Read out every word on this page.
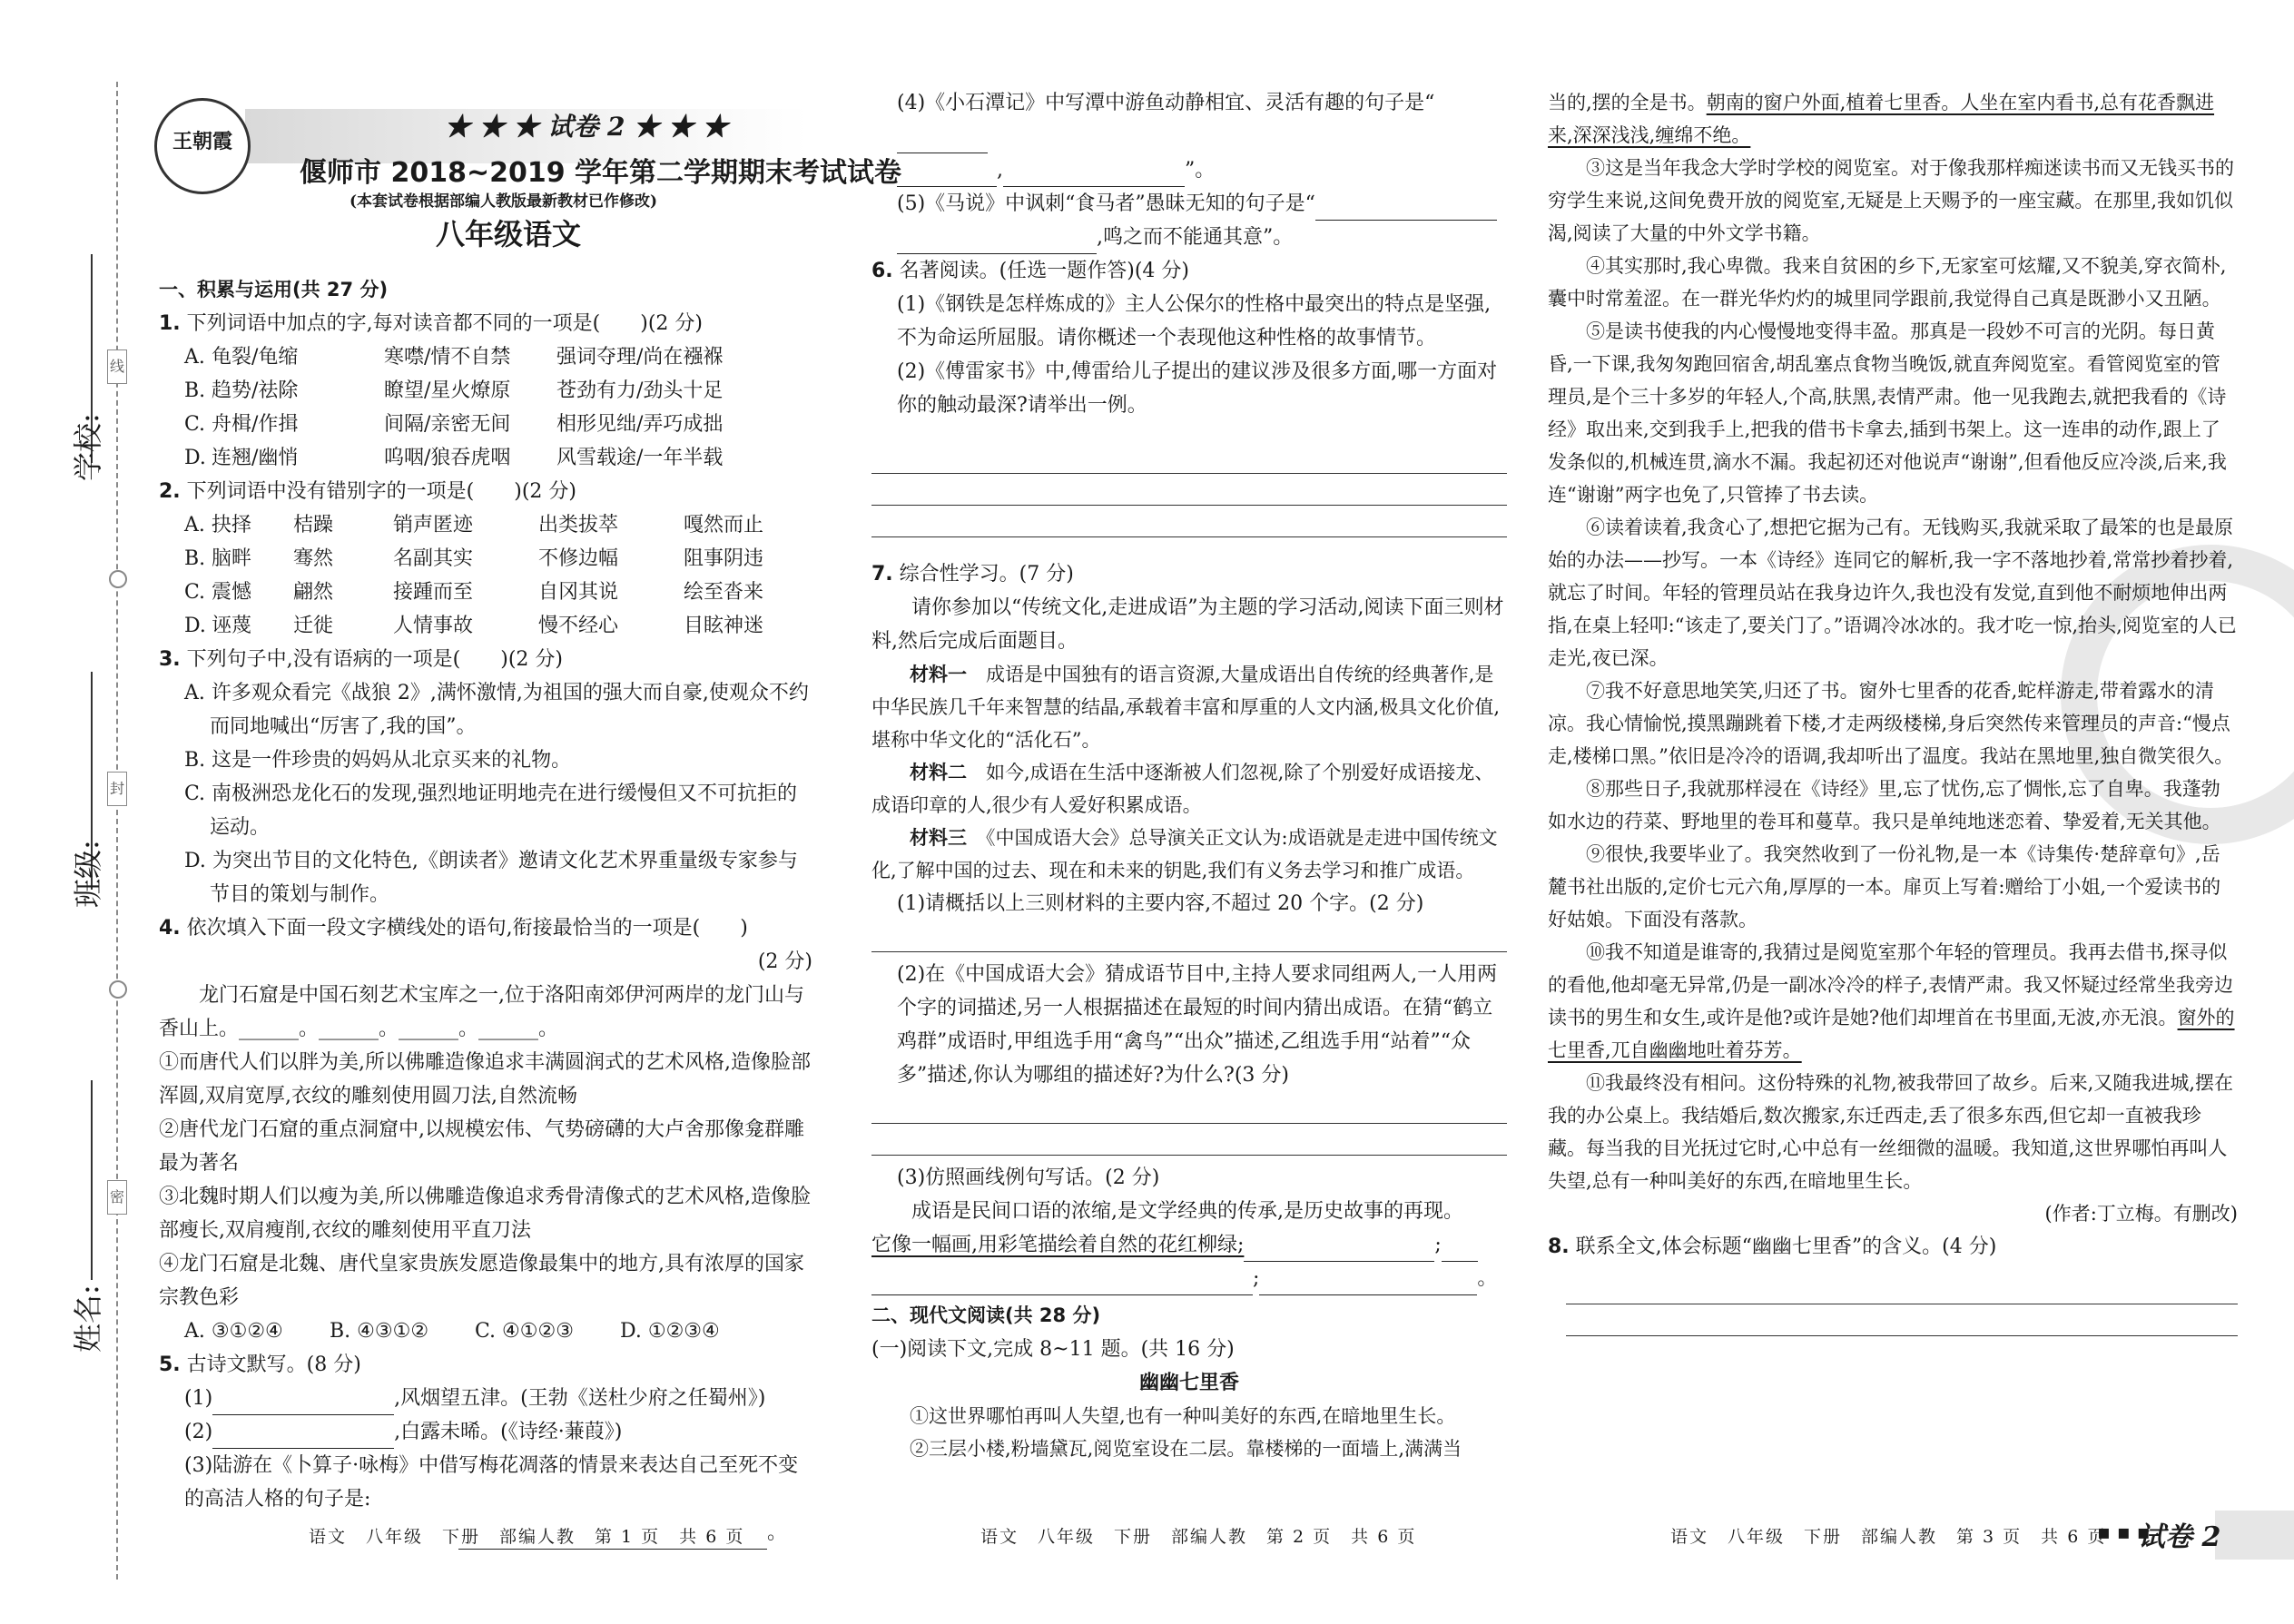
线
封
密
学校:
班级:
姓名:
王朝霞	★ ★ ★ 试卷 2 ★ ★ ★
偃师市 2018~2019 学年第二学期期末考试试卷
(本套试卷根据部编人教版最新教材已作修改)
八年级语文

一、积累与运用(共 27 分)

1. 下列词语中加点的字,每对读音都不同的一项是(　　)(2 分)

A. 龟裂/龟缩	寒噤/情不自禁	强词夺理/尚在襁褓
B. 趋势/祛除	瞭望/星火燎原	苍劲有力/劲头十足
C. 舟楫/作揖	间隔/亲密无间	相形见绌/弄巧成拙
D. 连翘/幽悄	呜咽/狼吞虎咽	风雪载途/一年半载

2. 下列词语中没有错别字的一项是(　　)(2 分)

A. 抉择	桔躁	销声匿迹	出类拔萃	嘎然而止
B. 脑畔	骞然	名副其实	不修边幅	阻事阴违
C. 震憾	翩然	接踵而至	自冈其说	绘至沓来
D. 诬蔑	迁徙	人情事故	慢不经心	目眩神迷

3. 下列句子中,没有语病的一项是(　　)(2 分)

A. 许多观众看完《战狼 2》,满怀激情,为祖国的强大而自豪,使观众不约而同地喊出“厉害了,我的国”。

B. 这是一件珍贵的妈妈从北京买来的礼物。

C. 南极洲恐龙化石的发现,强烈地证明地壳在进行缓慢但又不可抗拒的运动。

D. 为突出节目的文化特色,《朗读者》邀请文化艺术界重量级专家参与节目的策划与制作。

4. 依次填入下面一段文字横线处的语句,衔接最恰当的一项是(　　)

(2 分)

龙门石窟是中国石刻艺术宝库之一,位于洛阳南郊伊河两岸的龙门山与香山上。______。______。______。______。

①而唐代人们以胖为美,所以佛雕造像追求丰满圆润式的艺术风格,造像脸部浑圆,双肩宽厚,衣纹的雕刻使用圆刀法,自然流畅

②唐代龙门石窟的重点洞窟中,以规模宏伟、气势磅礴的大卢舍那像龛群雕最为著名

③北魏时期人们以瘦为美,所以佛雕造像追求秀骨清像式的艺术风格,造像脸部瘦长,双肩瘦削,衣纹的雕刻使用平直刀法

④龙门石窟是北魏、唐代皇家贵族发愿造像最集中的地方,具有浓厚的国家宗教色彩

A. ③①②④	B. ④③①②	C. ④①②③	D. ①②③④

5. 古诗文默写。(8 分)

(1)	,风烟望五津。(王勃《送杜少府之任蜀州》)

(2)	,白露未晞。(《诗经·蒹葭》)

(3)陆游在《卜算子·咏梅》中借写梅花凋落的情景来表达自己至死不变的高洁人格的句子是:

。

语文　八年级　下册　部编人教　第 1 页　共 6 页

(4)《小石潭记》中写潭中游鱼动静相宜、灵活有趣的句子是“

,	”。

(5)《马说》中讽刺“食马者”愚昧无知的句子是“

,鸣之而不能通其意”。

6. 名著阅读。(任选一题作答)(4 分)

(1)《钢铁是怎样炼成的》主人公保尔的性格中最突出的特点是坚强,不为命运所屈服。请你概述一个表现他这种性格的故事情节。

(2)《傅雷家书》中,傅雷给儿子提出的建议涉及很多方面,哪一方面对你的触动最深?请举出一例。

7. 综合性学习。(7 分)

请你参加以“传统文化,走进成语”为主题的学习活动,阅读下面三则材料,然后完成后面题目。

材料一　 成语是中国独有的语言资源,大量成语出自传统的经典著作,是中华民族几千年来智慧的结晶,承载着丰富和厚重的人文内涵,极具文化价值,堪称中华文化的“活化石”。

材料二　 如今,成语在生活中逐渐被人们忽视,除了个别爱好成语接龙、成语印章的人,很少有人爱好积累成语。

材料三　 《中国成语大会》总导演关正文认为:成语就是走进中国传统文化,了解中国的过去、现在和未来的钥匙,我们有义务去学习和推广成语。

(1)请概括以上三则材料的主要内容,不超过 20 个字。(2 分)

(2)在《中国成语大会》猜成语节目中,主持人要求同组两人,一人用两个字的词描述,另一人根据描述在最短的时间内猜出成语。在猜“鹤立鸡群”成语时,甲组选手用“禽鸟”“出众”描述,乙组选手用“站着”“众多”描述,你认为哪组的描述好?为什么?(3 分)

(3)仿照画线例句写话。(2 分)

成语是民间口语的浓缩,是文学经典的传承,是历史故事的再现。

它像一幅画,用彩笔描绘着自然的花红柳绿;	;

;	。

二、现代文阅读(共 28 分)

(一)阅读下文,完成 8~11 题。(共 16 分)

幽幽七里香

①这世界哪怕再叫人失望,也有一种叫美好的东西,在暗地里生长。

②三层小楼,粉墙黛瓦,阅览室设在二层。靠楼梯的一面墙上,满满当

语文　八年级　下册　部编人教　第 2 页　共 6 页

当的,摆的全是书。朝南的窗户外面,植着七里香。人坐在室内看书,总有花香飘进来,深深浅浅,缠绵不绝。

③这是当年我念大学时学校的阅览室。对于像我那样痴迷读书而又无钱买书的穷学生来说,这间免费开放的阅览室,无疑是上天赐予的一座宝藏。在那里,我如饥似渴,阅读了大量的中外文学书籍。

④其实那时,我心卑微。我来自贫困的乡下,无家室可炫耀,又不貌美,穿衣简朴,囊中时常羞涩。在一群光华灼灼的城里同学跟前,我觉得自己真是既渺小又丑陋。

⑤是读书使我的内心慢慢地变得丰盈。那真是一段妙不可言的光阴。每日黄昏,一下课,我匆匆跑回宿舍,胡乱塞点食物当晚饭,就直奔阅览室。看管阅览室的管理员,是个三十多岁的年轻人,个高,肤黑,表情严肃。他一见我跑去,就把我看的《诗经》取出来,交到我手上,把我的借书卡拿去,插到书架上。这一连串的动作,跟上了发条似的,机械连贯,滴水不漏。我起初还对他说声“谢谢”,但看他反应冷淡,后来,我连“谢谢”两字也免了,只管捧了书去读。

⑥读着读着,我贪心了,想把它据为己有。无钱购买,我就采取了最笨的也是最原始的办法——抄写。一本《诗经》连同它的解析,我一字不落地抄着,常常抄着抄着,就忘了时间。年轻的管理员站在我身边许久,我也没有发觉,直到他不耐烦地伸出两指,在桌上轻叩:“该走了,要关门了。”语调冷冰冰的。我才吃一惊,抬头,阅览室的人已走光,夜已深。

⑦我不好意思地笑笑,归还了书。窗外七里香的花香,蛇样游走,带着露水的清凉。我心情愉悦,摸黑蹦跳着下楼,才走两级楼梯,身后突然传来管理员的声音:“慢点走,楼梯口黑。”依旧是冷冷的语调,我却听出了温度。我站在黑地里,独自微笑很久。

⑧那些日子,我就那样浸在《诗经》里,忘了忧伤,忘了惆怅,忘了自卑。我蓬勃如水边的荇菜、野地里的卷耳和蔓草。我只是单纯地迷恋着、挚爱着,无关其他。

⑨很快,我要毕业了。我突然收到了一份礼物,是一本《诗集传·楚辞章句》,岳麓书社出版的,定价七元六角,厚厚的一本。扉页上写着:赠给丁小姐,一个爱读书的好姑娘。下面没有落款。

⑩我不知道是谁寄的,我猜过是阅览室那个年轻的管理员。我再去借书,探寻似的看他,他却毫无异常,仍是一副冰冷冷的样子,表情严肃。我又怀疑过经常坐我旁边读书的男生和女生,或许是他?或许是她?他们却埋首在书里面,无波,亦无浪。窗外的七里香,兀自幽幽地吐着芬芳。

⑪我最终没有相问。这份特殊的礼物,被我带回了故乡。后来,又随我进城,摆在我的办公桌上。我结婚后,数次搬家,东迁西走,丢了很多东西,但它却一直被我珍藏。每当我的目光抚过它时,心中总有一丝细微的温暖。我知道,这世界哪怕再叫人失望,总有一种叫美好的东西,在暗地里生长。

(作者:丁立梅。有删改)

8. 联系全文,体会标题“幽幽七里香”的含义。(4 分)

语文　八年级　下册　部编人教　第 3 页　共 6 页
▪ ▪ ▪
试卷 2
